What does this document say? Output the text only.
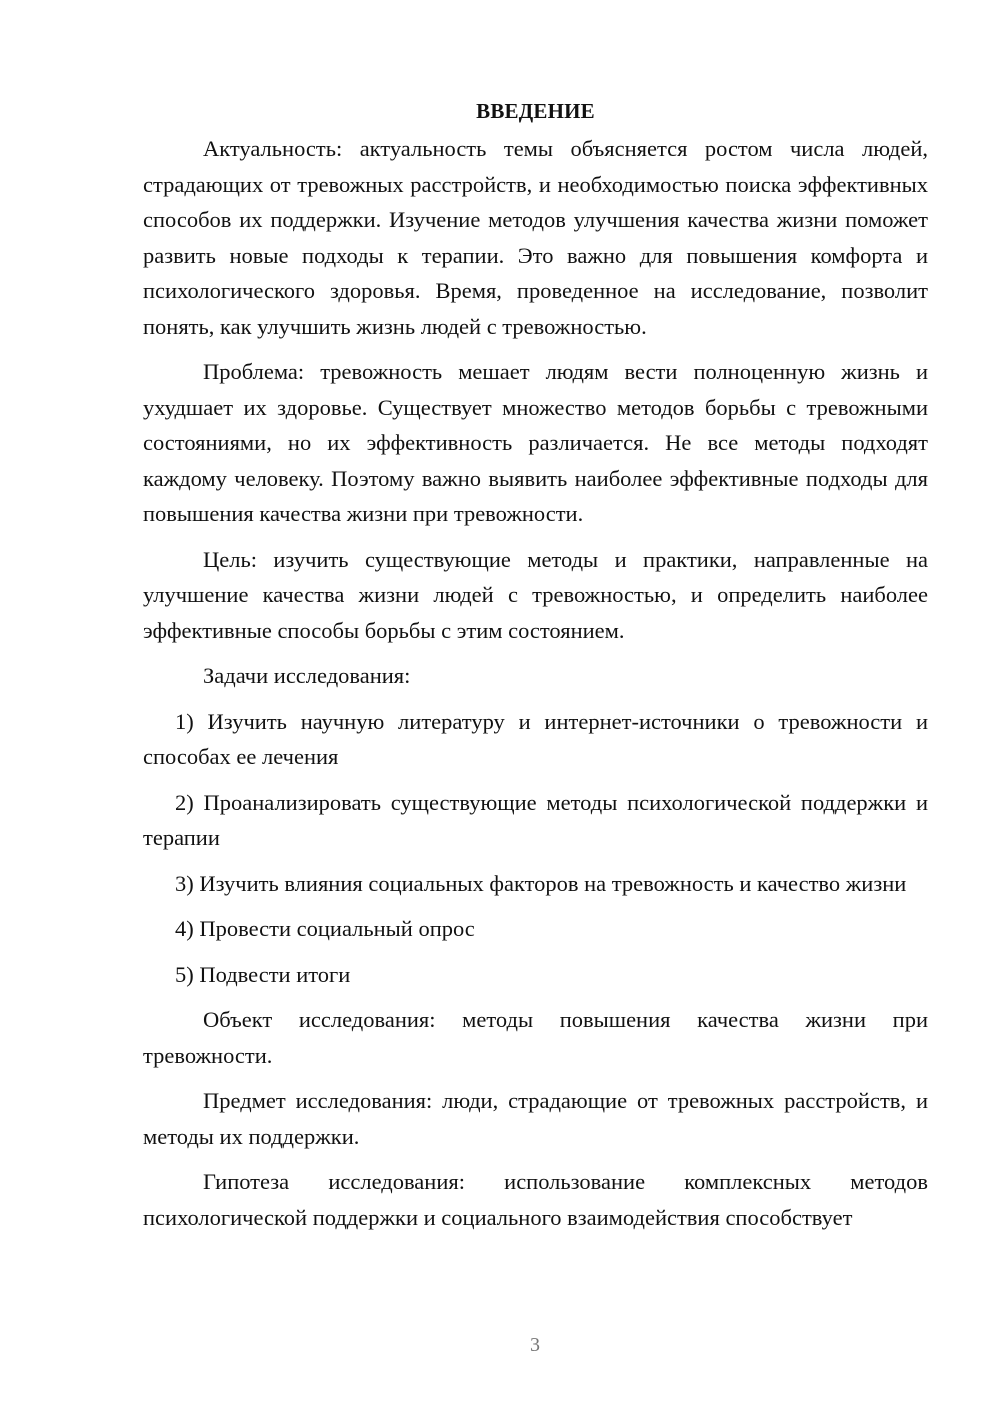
ВВЕДЕНИЕ

Актуальность: актуальность темы объясняется ростом числа людей, страдающих от тревожных расстройств, и необходимостью поиска эффективных способов их поддержки. Изучение методов улучшения качества жизни поможет развить новые подходы к терапии. Это важно для повышения комфорта и психологического здоровья. Время, проведенное на исследование, позволит понять, как улучшить жизнь людей с тревожностью.

Проблема: тревожность мешает людям вести полноценную жизнь и ухудшает их здоровье. Существует множество методов борьбы с тревожными состояниями, но их эффективность различается. Не все методы подходят каждому человеку. Поэтому важно выявить наиболее эффективные подходы для повышения качества жизни при тревожности.

Цель: изучить существующие методы и практики, направленные на улучшение качества жизни людей с тревожностью, и определить наиболее эффективные способы борьбы с этим состоянием.

Задачи исследования:

1) Изучить научную литературу и интернет-источники о тревожности и способах ее лечения

2) Проанализировать существующие методы психологической поддержки и терапии

3) Изучить влияния социальных факторов на тревожность и качество жизни

4) Провести социальный опрос

5) Подвести итоги

Объект исследования: методы повышения качества жизни при тревожности.

Предмет исследования: люди, страдающие от тревожных расстройств, и методы их поддержки.

Гипотеза исследования: использование комплексных методов психологической поддержки и социального взаимодействия способствует

3
